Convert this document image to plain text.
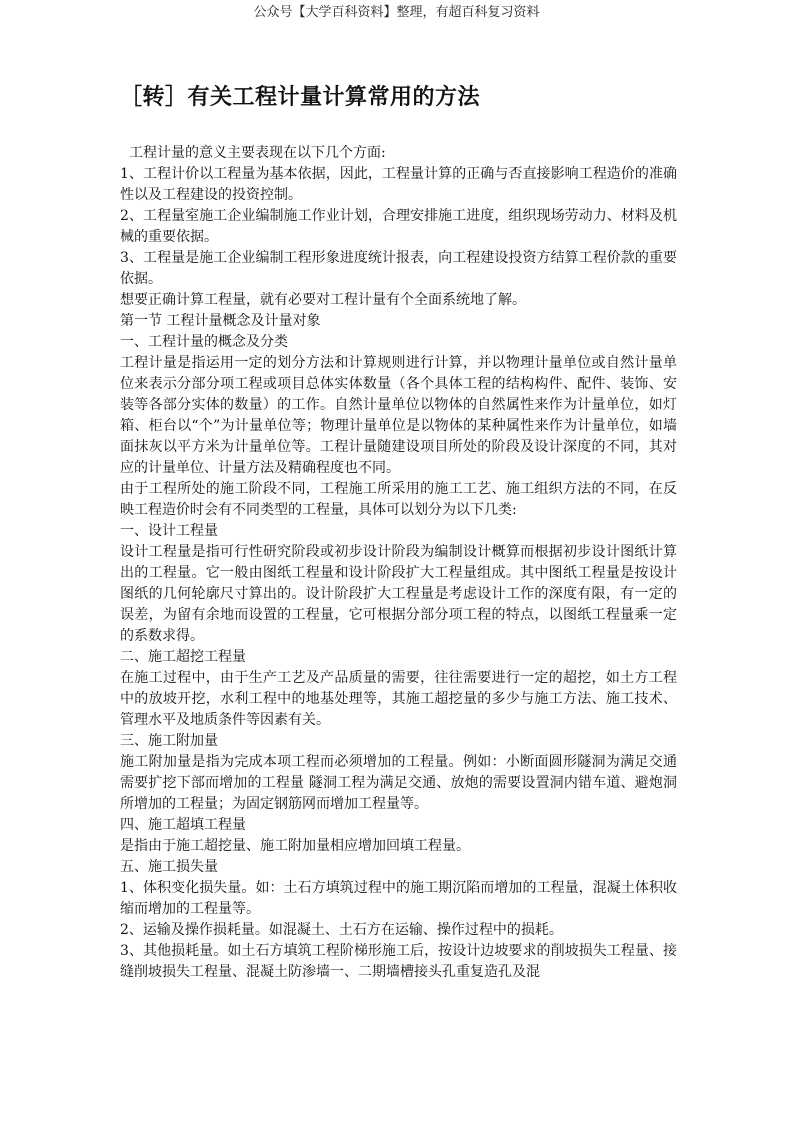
公众号【大学百科资料】整理，有超百科复习资料
［转］有关工程计量计算常用的方法

工程计量的意义主要表现在以下几个方面:

1、工程计价以工程量为基本依据，因此，工程量计算的正确与否直接影响工程造价的准确性以及工程建设的投资控制。

2、工程量室施工企业编制施工作业计划，合理安排施工进度，组织现场劳动力、材料及机械的重要依据。

3、工程量是施工企业编制工程形象进度统计报表，向工程建设投资方结算工程价款的重要依据。

想要正确计算工程量，就有必要对工程计量有个全面系统地了解。

第一节 工程计量概念及计量对象

一、工程计量的概念及分类

工程计量是指运用一定的划分方法和计算规则进行计算，并以物理计量单位或自然计量单位来表示分部分项工程或项目总体实体数量（各个具体工程的结构构件、配件、装饰、安装等各部分实体的数量）的工作。自然计量单位以物体的自然属性来作为计量单位，如灯箱、柜台以“个”为计量单位等；物理计量单位是以物体的某种属性来作为计量单位，如墙面抹灰以平方米为计量单位等。工程计量随建设项目所处的阶段及设计深度的不同，其对应的计量单位、计量方法及精确程度也不同。

由于工程所处的施工阶段不同，工程施工所采用的施工工艺、施工组织方法的不同，在反映工程造价时会有不同类型的工程量，具体可以划分为以下几类:

一、设计工程量

设计工程量是指可行性研究阶段或初步设计阶段为编制设计概算而根据初步设计图纸计算出的工程量。它一般由图纸工程量和设计阶段扩大工程量组成。其中图纸工程量是按设计图纸的几何轮廓尺寸算出的。设计阶段扩大工程量是考虑设计工作的深度有限，有一定的误差，为留有余地而设置的工程量，它可根据分部分项工程的特点，以图纸工程量乘一定的系数求得。

二、施工超挖工程量

在施工过程中，由于生产工艺及产品质量的需要，往往需要进行一定的超挖，如土方工程中的放坡开挖，水利工程中的地基处理等，其施工超挖量的多少与施工方法、施工技术、管理水平及地质条件等因素有关。

三、施工附加量

施工附加量是指为完成本项工程而必须增加的工程量。例如：小断面圆形隧洞为满足交通需要扩挖下部而增加的工程量 隧洞工程为满足交通、放炮的需要设置洞内错车道、避炮洞所增加的工程量；为固定钢筋网而增加工程量等。

四、施工超填工程量

是指由于施工超挖量、施工附加量相应增加回填工程量。

五、施工损失量

1、体积变化损失量。如：土石方填筑过程中的施工期沉陷而增加的工程量，混凝土体积收缩而增加的工程量等。

2、运输及操作损耗量。如混凝土、土石方在运输、操作过程中的损耗。

3、其他损耗量。如土石方填筑工程阶梯形施工后，按设计边坡要求的削坡损失工程量、接缝削坡损失工程量、混凝土防渗墙一、二期墙槽接头孔重复造孔及混
